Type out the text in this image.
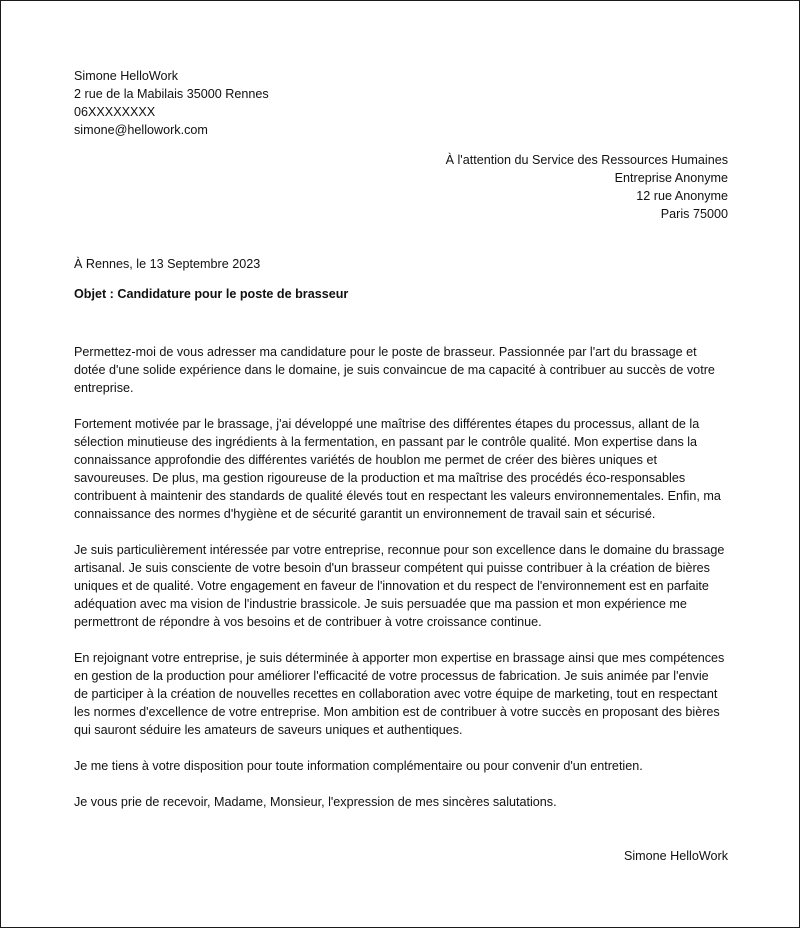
Simone HelloWork
2 rue de la Mabilais 35000 Rennes
06XXXXXXXX
simone@hellowork.com
À l'attention du Service des Ressources Humaines
Entreprise Anonyme
12 rue Anonyme
Paris 75000
À Rennes, le 13 Septembre 2023
Objet : Candidature pour le poste de brasseur

Permettez-moi de vous adresser ma candidature pour le poste de brasseur. Passionnée par l'art du brassage et dotée d'une solide expérience dans le domaine, je suis convaincue de ma capacité à contribuer au succès de votre entreprise.

Fortement motivée par le brassage, j'ai développé une maîtrise des différentes étapes du processus, allant de la sélection minutieuse des ingrédients à la fermentation, en passant par le contrôle qualité. Mon expertise dans la connaissance approfondie des différentes variétés de houblon me permet de créer des bières uniques et savoureuses. De plus, ma gestion rigoureuse de la production et ma maîtrise des procédés éco-responsables contribuent à maintenir des standards de qualité élevés tout en respectant les valeurs environnementales. Enfin, ma connaissance des normes d'hygiène et de sécurité garantit un environnement de travail sain et sécurisé.

Je suis particulièrement intéressée par votre entreprise, reconnue pour son excellence dans le domaine du brassage artisanal. Je suis consciente de votre besoin d'un brasseur compétent qui puisse contribuer à la création de bières uniques et de qualité. Votre engagement en faveur de l'innovation et du respect de l'environnement est en parfaite adéquation avec ma vision de l'industrie brassicole. Je suis persuadée que ma passion et mon expérience me permettront de répondre à vos besoins et de contribuer à votre croissance continue.

En rejoignant votre entreprise, je suis déterminée à apporter mon expertise en brassage ainsi que mes compétences en gestion de la production pour améliorer l'efficacité de votre processus de fabrication. Je suis animée par l'envie de participer à la création de nouvelles recettes en collaboration avec votre équipe de marketing, tout en respectant les normes d'excellence de votre entreprise. Mon ambition est de contribuer à votre succès en proposant des bières qui sauront séduire les amateurs de saveurs uniques et authentiques.

Je me tiens à votre disposition pour toute information complémentaire ou pour convenir d'un entretien.

Je vous prie de recevoir, Madame, Monsieur, l'expression de mes sincères salutations.

Simone HelloWork
